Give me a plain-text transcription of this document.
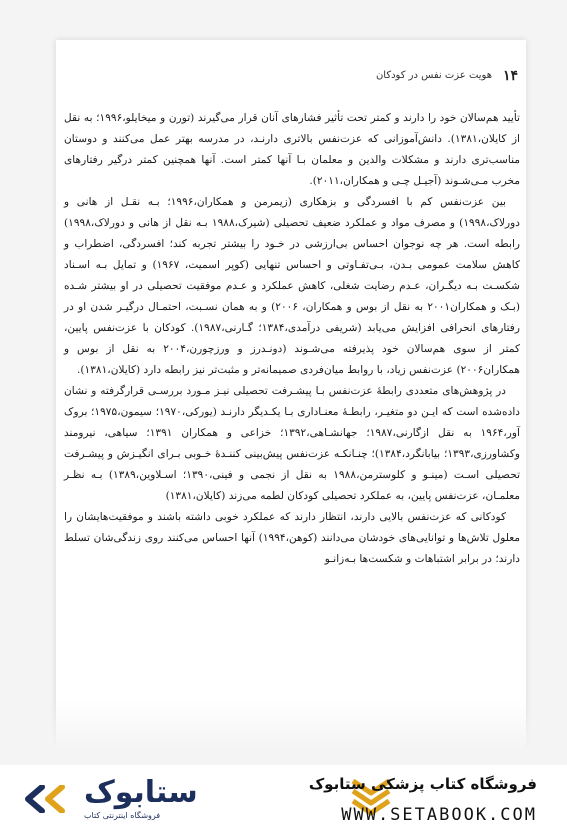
۱۴
هویت عزت نفس در کودکان

تأیید هم‌سالان خود را دارند و کمتر تحت تأثیر فشارهای آنان قرار می‌گیرند (تورن و میخایلو،۱۹۹۶؛ به نقل از کایلان،۱۳۸۱). دانش‌آموزانی که عزت‌نفس بالاتری دارنـد، در مدرسه بهتر عمل می‌کنند و دوستان مناسب‌تری دارند و مشکلات والدین و معلمان بـا آنها کمتر است. آنها همچنین کمتر درگیر رفتارهای مخرب مـی‌شـوند (آجیـل چـی و همکاران،۲۰۱۱).

بین عزت‌نفس کم با افسردگی و بزهکاری (زیمرمن و همکاران،۱۹۹۶؛ بـه نقـل از هانی و دورلاک،۱۹۹۸) و مصرف مواد و عملکرد ضعیف تحصیلی (شیرک،۱۹۸۸ بـه نقل از هانی و دورلاک،۱۹۹۸) رابطه است. هر چه نوجوان احساس بی‌ارزشی در خـود را بیشتر تجربه کند؛ افسردگی، اضطراب و کاهش سلامت عمومی بـدن، بـی‌تفـاوتی و احساس تنهایی (کوپر اسمیت، ۱۹۶۷) و تمایل بـه اسـناد شکسـت بـه دیگـران، عـدم رضایت شغلی، کاهش عملکرد و عـدم موفقیت تحصیلی در او بیشتر شـده (بـک و همکاران۲۰۰۱ به نقل از بوس و همکاران، ۲۰۰۶) و به همان نسـبت، احتمـال درگیـر شدن او در رفتارهای انحرافی افزایش می‌یابد (شریفی درآمدی،۱۳۸۴؛ گـارنی،۱۹۸۷). کودکان با عزت‌نفس پایین، کمتر از سوی هم‌سالان خود پذیرفته می‌شـوند (دونـدرز و ورزچورن،۲۰۰۴ به نقل از بوس و همکاران۲۰۰۶) عزت‌نفس زیاد، با روابط میان‌فردی صمیمانه‌تر و مثبت‌تر نیز رابطه دارد (کایلان،۱۳۸۱).

در پژوهش‌های متعددی رابطهٔ عزت‌نفس بـا پیشـرفت تحصیلی نیـز مـورد بررسـی قرارگرفته و نشان داده‌شده است که ایـن دو متغیـر، رابطـهٔ معنـاداری بـا یکـدیگر دارنـد (یورکی،۱۹۷۰؛ سیمون،۱۹۷۵؛ بروک آور،۱۹۶۴ به نقل ازگارنی،۱۹۸۷؛ جهانشـاهی،۱۳۹۲؛ خزاعی و همکاران ۱۳۹۱؛ سیاهی، نیرومند وکشاورزی،۱۳۹۳؛ بیابانگرد،۱۳۸۴)؛ چنـانکـه عزت‌نفس پیش‌بینی کننـدهٔ خـوبی بـرای انگیـزش و پیشـرفت تحصیلی اسـت (مینـو و کلوسترمن،۱۹۸۸ به نقل از نجمی و فینی،۱۳۹۰؛ اسـلاوین،۱۳۸۹) بـه نظـر معلمـان، عزت‌نفس پایین، به عملکرد تحصیلی کودکان لطمه می‌زند (کایلان،۱۳۸۱)

کودکانی که عزت‌نفس بالایی دارند، انتظار دارند که عملکرد خوبی داشته باشند و موفقیت‌هایشان را معلول تلاش‌ها و توانایی‌های خودشان می‌دانند (کوهن،۱۹۹۴) آنها احساس می‌کنند روی زندگی‌شان تسلط دارند؛ در برابر اشتباهات و شکست‌ها بـه‌زانـو

ستابوک
فروشگاه اینترنتی کتاب
فروشگاه کتاب پزشکی ستابوک
WWW.SETABOOK.COM
